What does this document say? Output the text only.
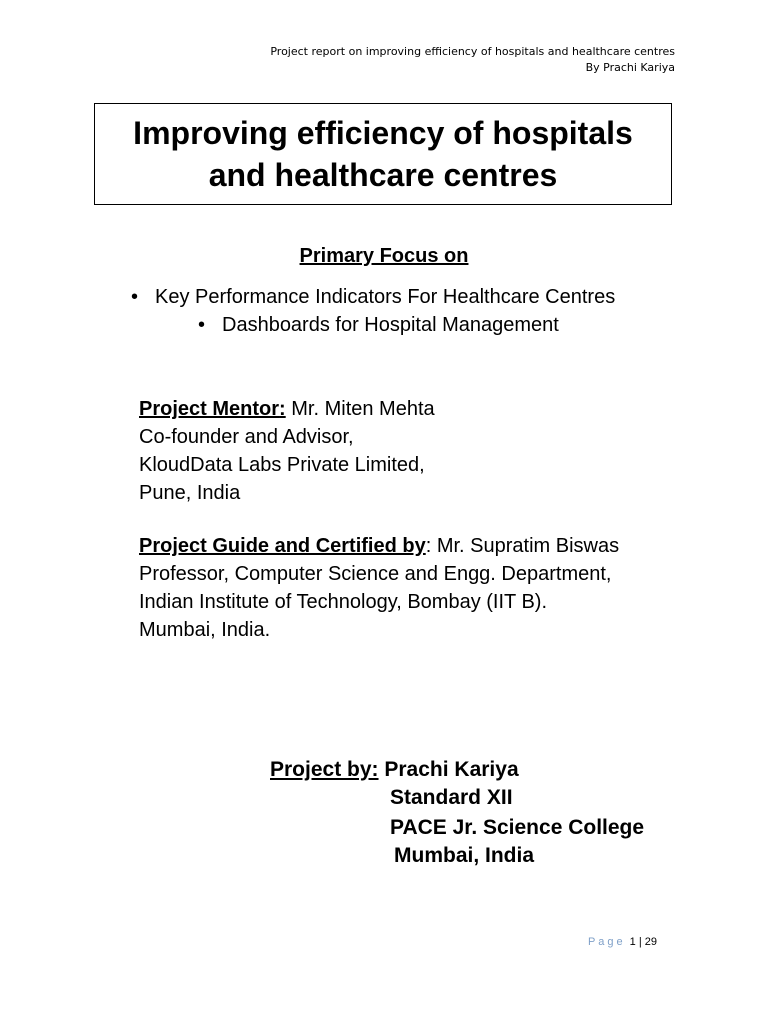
Project report on improving efficiency of hospitals and healthcare centres
By Prachi Kariya
Improving efficiency of hospitals
and healthcare centres
Primary Focus on
• Key Performance Indicators For Healthcare Centres
• Dashboards for Hospital Management
Project Mentor: Mr. Miten Mehta
Co-founder and Advisor,
KloudData Labs Private Limited,
Pune, India
Project Guide and Certified by: Mr. Supratim Biswas
Professor, Computer Science and Engg. Department,
Indian Institute of Technology, Bombay (IIT B).
Mumbai, India.
Project by: Prachi Kariya
Standard XII
PACE Jr. Science College
Mumbai, India
Page 1 | 29
